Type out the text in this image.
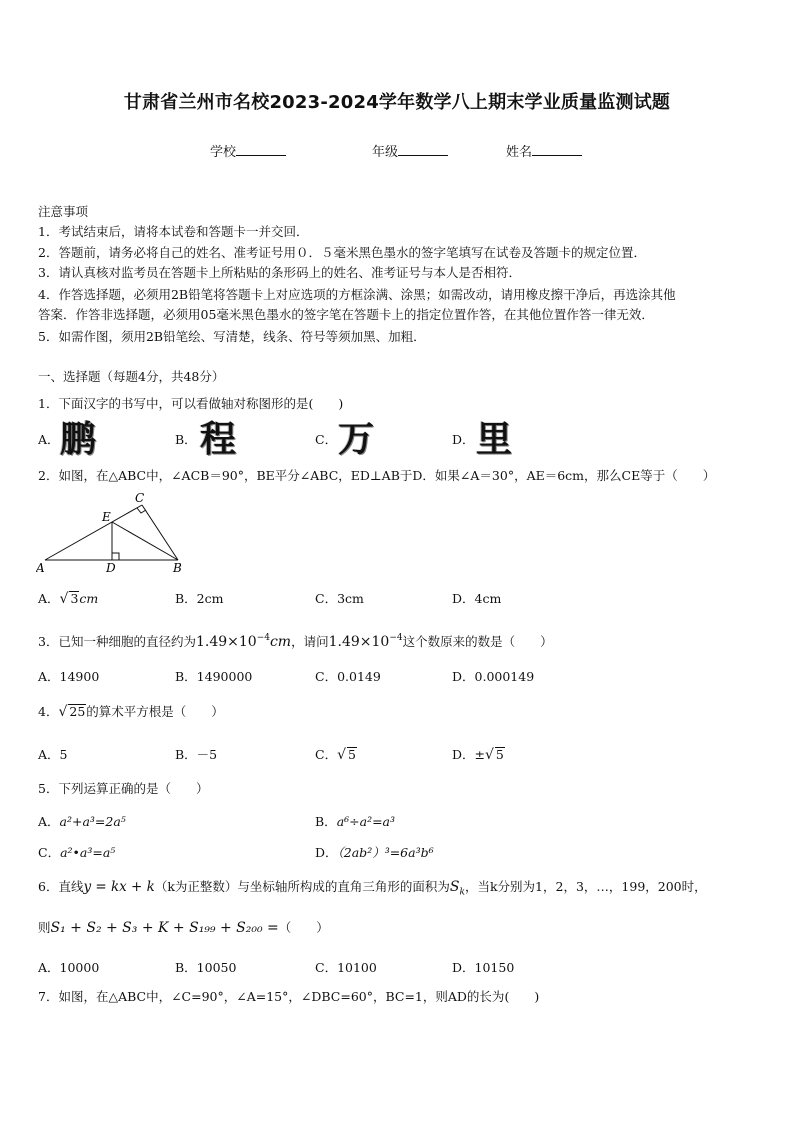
甘肃省兰州市名校2023-2024学年数学八上期末学业质量监测试题
学校	年级	姓名
注意事项
1．考试结束后，请将本试卷和答题卡一并交回．
2．答题前，请务必将自己的姓名、准考证号用０．５毫米黑色墨水的签字笔填写在试卷及答题卡的规定位置．
3．请认真核对监考员在答题卡上所粘贴的条形码上的姓名、准考证号与本人是否相符．
4．作答选择题，必须用2B铅笔将答题卡上对应选项的方框涂满、涂黑；如需改动，请用橡皮擦干净后，再选涂其他
答案．作答非选择题，必须用05毫米黑色墨水的签字笔在答题卡上的指定位置作答，在其他位置作答一律无效．
5．如需作图，须用2B铅笔绘、写清楚，线条、符号等须加黑、加粗．
一、选择题（每题4分，共48分）
1．下面汉字的书写中，可以看做轴对称图形的是(　　)
A． 鹏	B． 程	C． 万	D． 里
2．如图，在△ABC中，∠ACB＝90°，BE平分∠ABC，ED⊥AB于D．如果∠A＝30°，AE＝6cm，那么CE等于（　　）
A	D	B
C
E
A．√ 3cm	B．2cm	C．3cm	D．4cm
3．已知一种细胞的直径约为$1.49\times 10^{-4}cm$，请问$1.49\times 10^{-4}$这个数原来的数是（　　）
A．14900	B．1490000	C．0.0149	D．0.000149
4．√ 25的算术平方根是（　　）
A．5	B．－5	C．√ 5	D．±√ 5
5．下列运算正确的是（　　）
A．a²+a³=2a⁵	B．a⁶÷a²=a³
C．a²•a³=a⁵	D．（2ab²）³=6a³b⁶
6．直线y = kx + k（k为正整数）与坐标轴所构成的直角三角形的面积为$S_k$，当k分别为1，2，3，…，199，200时，
则S₁ + S₂ + S₃ + K + S₁₉₉ + S₂₀₀ =（　　）
A．10000	B．10050	C．10100	D．10150
7．如图，在△ABC中，∠C=90°，∠A=15°，∠DBC=60°，BC=1，则AD的长为(　　)
